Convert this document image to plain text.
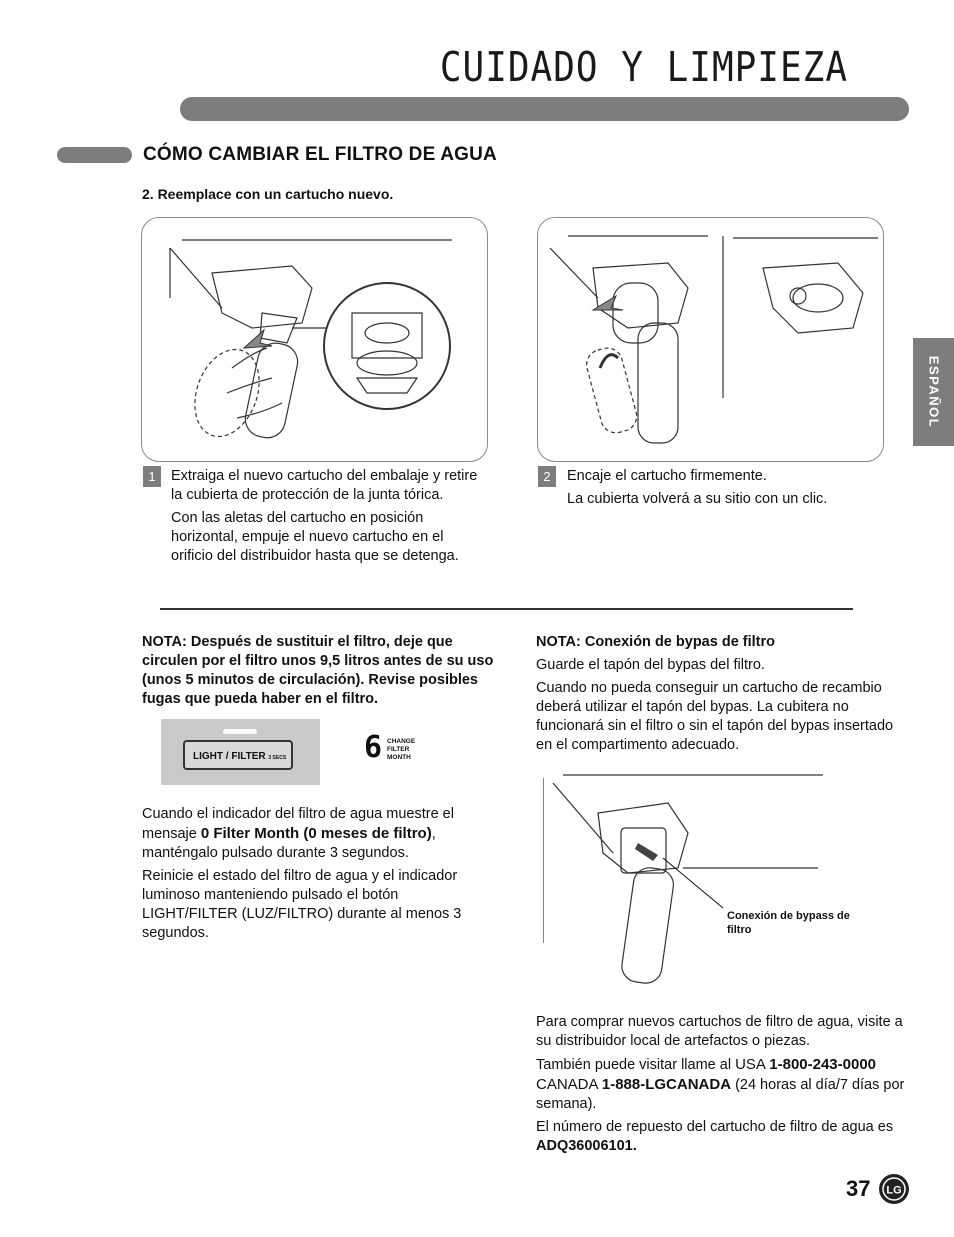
CUIDADO Y LIMPIEZA
CÓMO CAMBIAR EL FILTRO DE AGUA
2. Reemplace con un cartucho nuevo.
1	Extraiga el nuevo cartucho del embalaje y retire la cubierta de protección de la junta tórica.

Con las aletas del cartucho en posición horizontal, empuje el nuevo cartucho en el orificio del distribuidor hasta que se detenga.

2	Encaje el cartucho firmemente.

La cubierta volverá a su sitio con un clic.

NOTA: Después de sustituir el filtro, deje que circulen por el filtro unos 9,5 litros antes de su uso (unos 5 minutos de circulación). Revise posibles fugas que pueda haber en el filtro.
LIGHT / FILTER 3 SECS	6 CHANGE
FILTER
MONTH

Cuando el indicador del filtro de agua muestre el mensaje 0 Filter Month (0 meses de filtro), manténgalo pulsado durante 3 segundos.

Reinicie el estado del filtro de agua y el indicador luminoso manteniendo pulsado el botón LIGHT/FILTER (LUZ/FILTRO) durante al menos 3 segundos.

NOTA: Conexión de bypas de filtro

Guarde el tapón del bypas del filtro.

Cuando no pueda conseguir un cartucho de recambio deberá utilizar el tapón del bypas. La cubitera no funcionará sin el filtro o sin el tapón del bypas insertado en el compartimento adecuado.

Conexión de bypass de filtro

Para comprar nuevos cartuchos de filtro de agua, visite a su distribuidor local de artefactos o piezas.

También puede visitar llame al USA 1-800-243-0000 CANADA 1-888-LGCANADA (24 horas al día/7 días por semana).

El número de repuesto del cartucho de filtro de agua es ADQ36006101.

ESPAÑOL
37 LG
